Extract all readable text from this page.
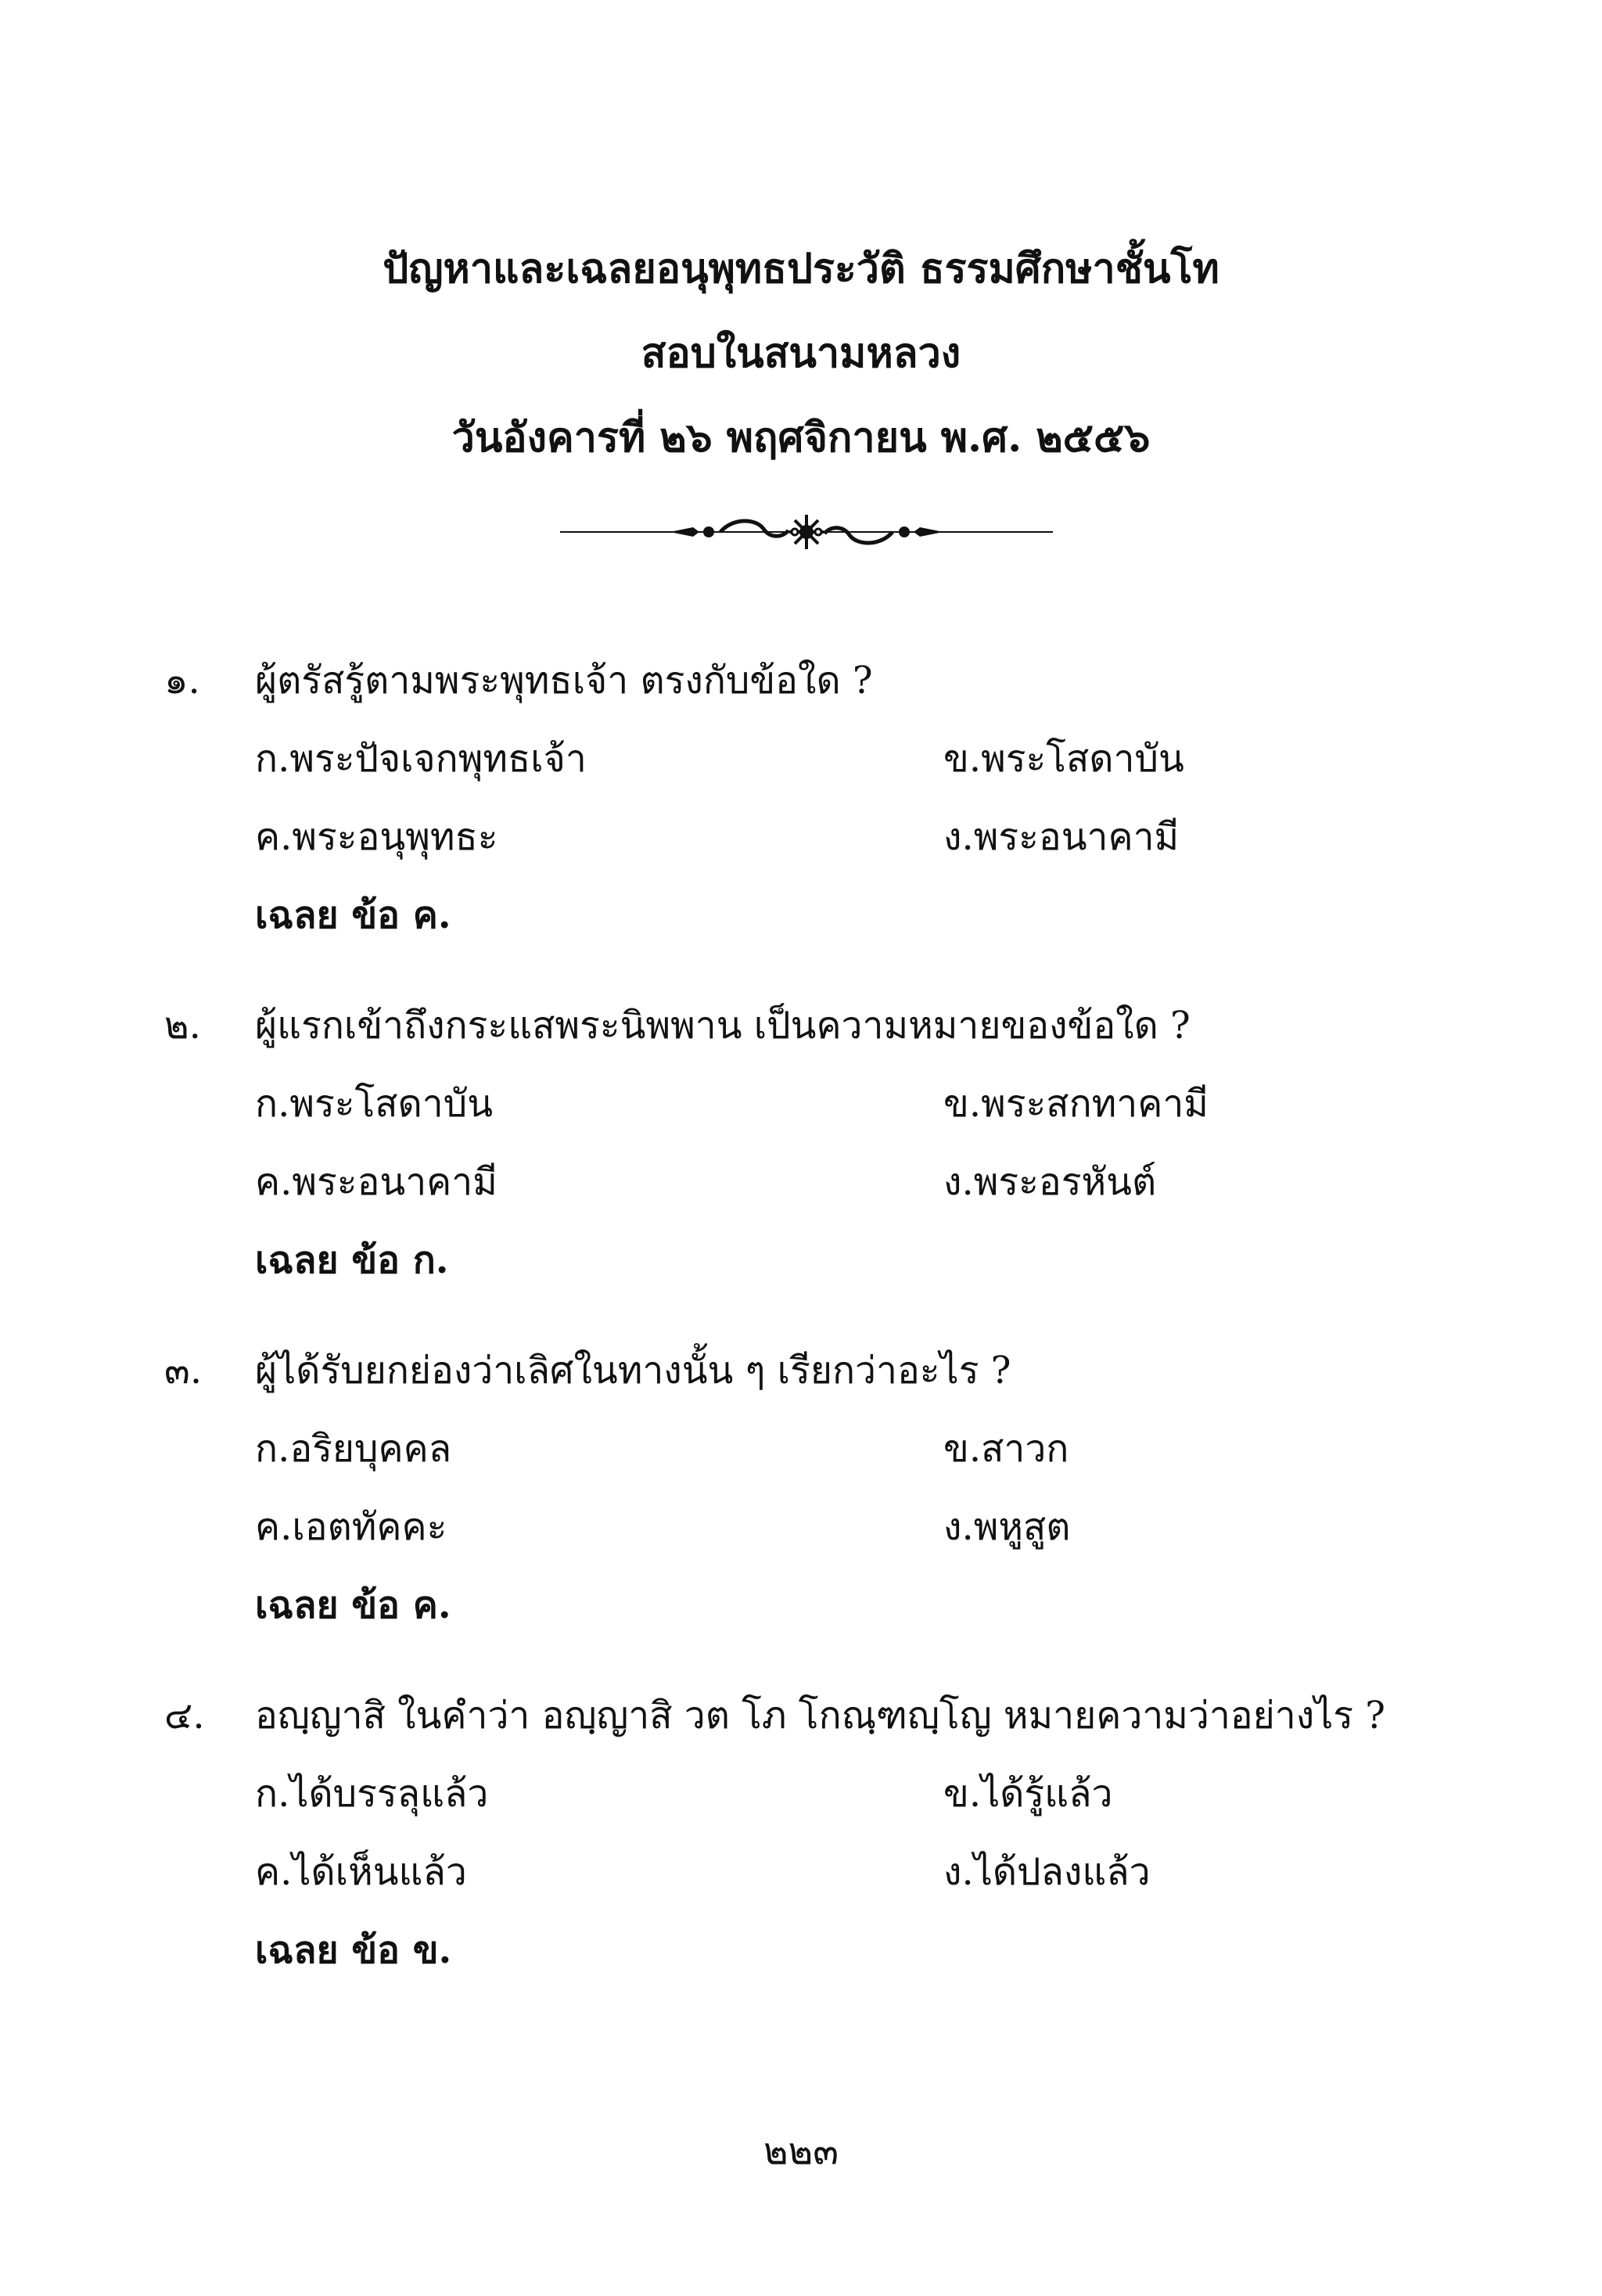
ปัญหาและเฉลยอนุพุทธประวัติ ธรรมศึกษาชั้นโท
สอบในสนามหลวง
วันอังคารที่ ๒๖ พฤศจิกายน พ.ศ. ๒๕๕๖
๑.	ผู้ตรัสรู้ตามพระพุทธเจ้า ตรงกับข้อใด ?
ก.พระปัจเจกพุทธเจ้า	ข.พระโสดาบัน
ค.พระอนุพุทธะ	ง.พระอนาคามี
เฉลย ข้อ ค.
๒.	ผู้แรกเข้าถึงกระแสพระนิพพาน เป็นความหมายของข้อใด ?
ก.พระโสดาบัน	ข.พระสกทาคามี
ค.พระอนาคามี	ง.พระอรหันต์
เฉลย ข้อ ก.
๓.	ผู้ได้รับยกย่องว่าเลิศในทางนั้น ๆ เรียกว่าอะไร ?
ก.อริยบุคคล	ข.สาวก
ค.เอตทัคคะ	ง.พหูสูต
เฉลย ข้อ ค.
๔.	อญฺญาสิ ในคำว่า อญฺญาสิ วต โภ โกณฺฑญฺโญ หมายความว่าอย่างไร ?
ก.ได้บรรลุแล้ว	ข.ได้รู้แล้ว
ค.ได้เห็นแล้ว	ง.ได้ปลงแล้ว
เฉลย ข้อ ข.
๒๒๓
